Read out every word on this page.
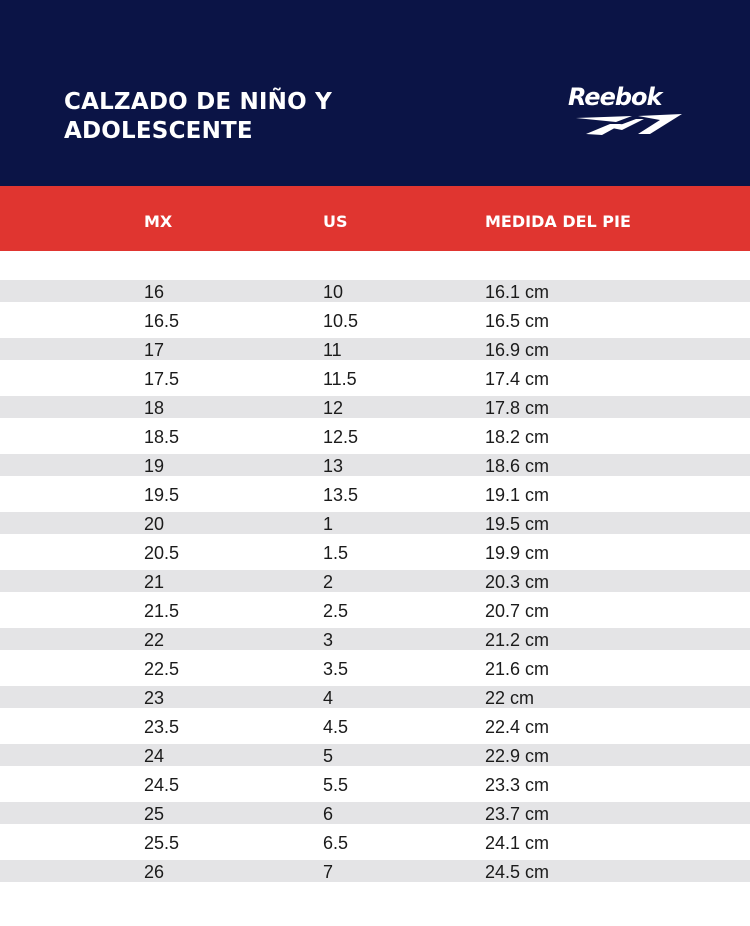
CALZADO DE NIÑO Y
ADOLESCENTE
Reebok
MX	US	MEDIDA DEL PIE
16	10	16.1 cm
16.5	10.5	16.5 cm
17	11	16.9 cm
17.5	11.5	17.4 cm
18	12	17.8 cm
18.5	12.5	18.2 cm
19	13	18.6 cm
19.5	13.5	19.1 cm
20	1	19.5 cm
20.5	1.5	19.9 cm
21	2	20.3 cm
21.5	2.5	20.7 cm
22	3	21.2 cm
22.5	3.5	21.6 cm
23	4	22 cm
23.5	4.5	22.4 cm
24	5	22.9 cm
24.5	5.5	23.3 cm
25	6	23.7 cm
25.5	6.5	24.1 cm
26	7	24.5 cm
